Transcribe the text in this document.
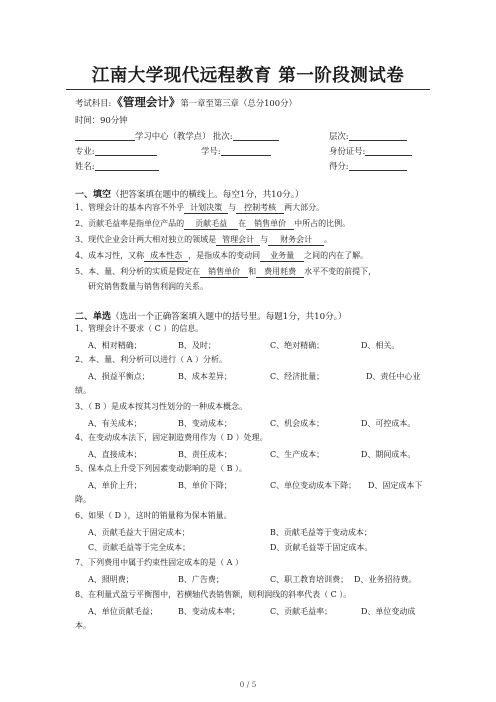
江南大学现代远程教育 第一阶段测试卷
考试科目:《管理会计》第一章至第三章（总分100分）
时间：90分钟
学习中心（教学点） 批次:	层次:
专业:	学号:	身份证号:
姓名:	得分:
一、填空（把答案填在题中的横线上。每空1分，共10分。）
1、管理会计的基本内容不外乎 计划决策 与 控制考核 两大部分。
2、贡献毛益率是指单位产品的 贡献毛益 在 销售单价 中所占的比例。
3、现代企业会计两大相对独立的领域是 管理会计 与 财务会计 。
4、成本习性，又称 成本性态 ，是指成本的变动同 业务量 之间的内在了解。
5、本、量、利分析的实质是假定在 销售单价 和 费用耗费 水平不变的前提下，
研究销售数量与销售利润的关系。
二、单选（选出一个正确答案填入题中的括号里。每题1分，共10分。）
1、管理会计不要求（ C ）的信息。
A、相对精确；	B、及时；	C、绝对精确；	D、相关。
2、本、量、利分析可以进行（ A ）分析。
A、损益平衡点；	B、成本差异；	C、经济批量；	D、责任中心业
绩。
3、（ B ）是成本按其习性划分的一种成本概念。
A、有关成本；	B、变动成本；	C、机会成本；	D、可控成本。
4、在变动成本法下，固定制造费用作为（ D ）处理。
A、直接成本；	B、责任成本；	C、生产成本；	D、期间成本。
5、保本点上升受下列因素变动影响的是（ B ）。
A、单价上升；	B、单价下降；	C、单位变动成本下降； D、固定成本下
降。
6、如果（ D ），这时的销量称为保本销量。
A、贡献毛益大于固定成本；	B、贡献毛益等于变动成本；
C、贡献毛益等于完全成本；	D、贡献毛益等于固定成本。
7、下列费用中属于约束性固定成本的是（ A ）
A、照明费；	B、广告费；	C、职工教育培训费； D、业务招待费。
8、在利量式盈亏平衡图中，若横轴代表销售额，则利润线的斜率代表（ C ）。
A、单位贡献毛益；	B、变动成本率；	C、贡献毛益率；	D、单位变动成
本。
0 / 5
